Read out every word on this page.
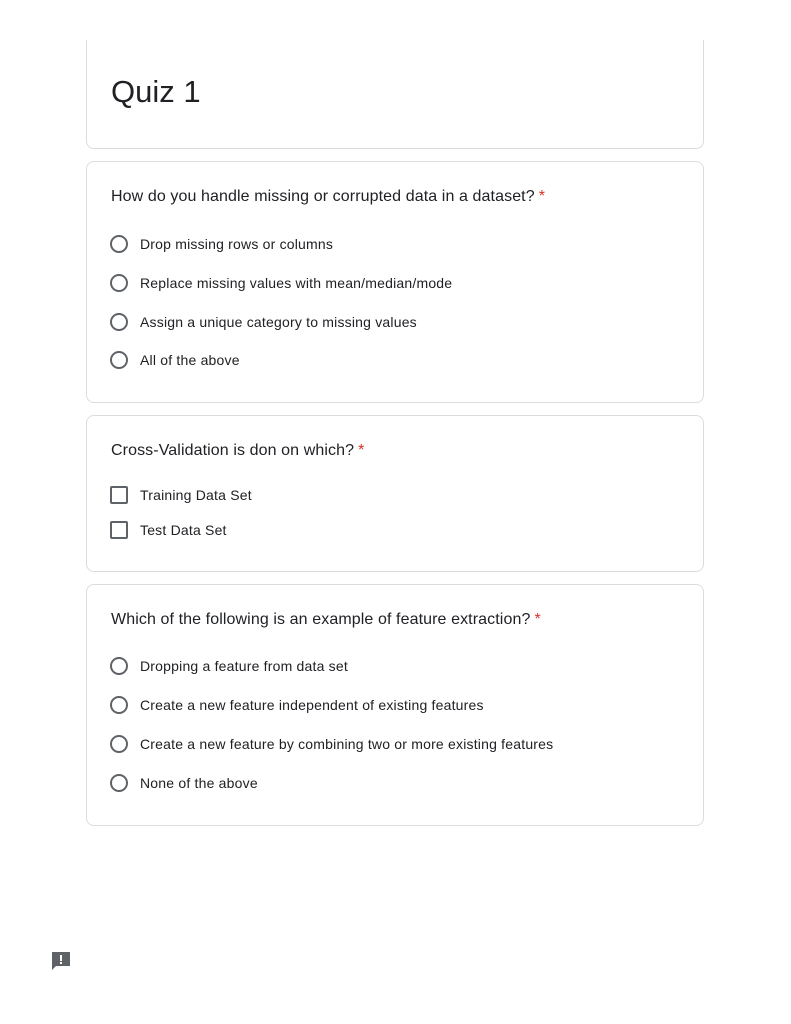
Quiz 1
How do you handle missing or corrupted data in a dataset? *
Drop missing rows or columns
Replace missing values with mean/median/mode
Assign a unique category to missing values
All of the above
Cross-Validation is don on which? *
Training Data Set
Test Data Set
Which of the following is an example of feature extraction? *
Dropping a feature from data set
Create a new feature independent of existing features
Create a new feature by combining two or more existing features
None of the above
